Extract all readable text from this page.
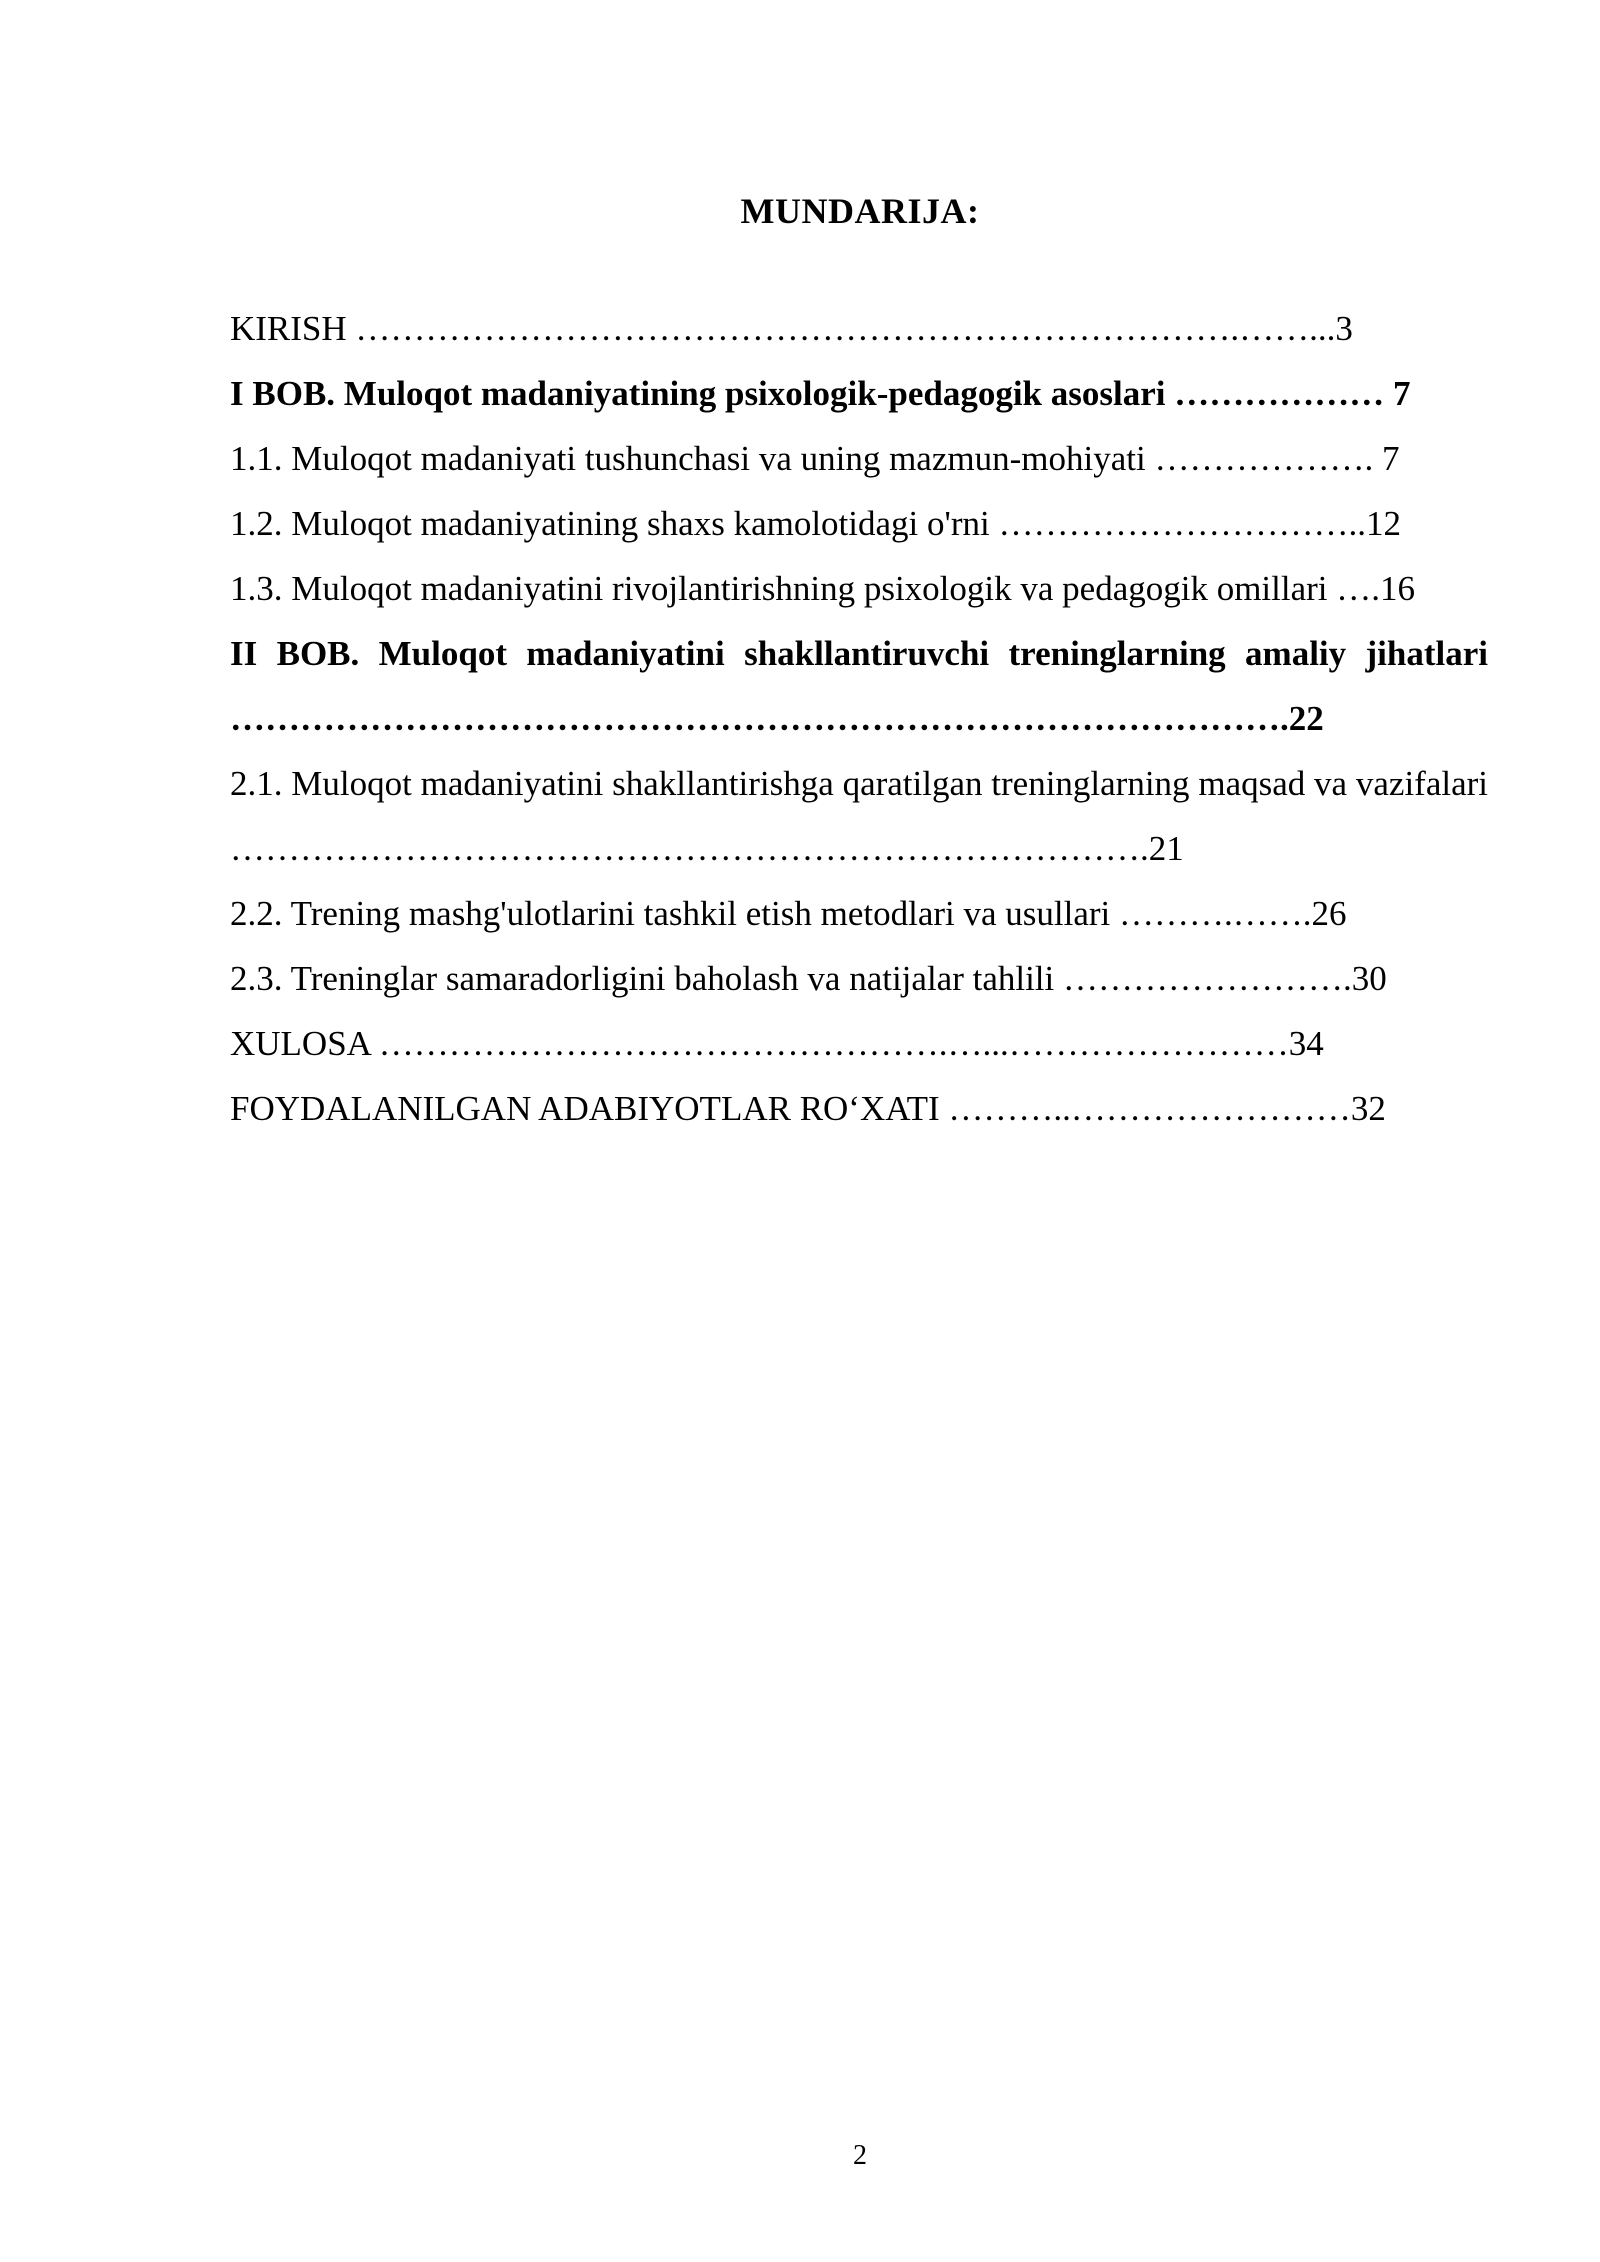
MUNDARIJA:
KIRISH ………………………………………………………………….……...3
I BOB. Muloqot madaniyatining psixologik-pedagogik asoslari ……………… 7
1.1. Muloqot madaniyati tushunchasi va uning mazmun-mohiyati ………………. 7
1.2. Muloqot madaniyatining shaxs kamolotidagi o'rni …………………………..12
1.3. Muloqot madaniyatini rivojlantirishning psixologik va pedagogik omillari ….16
II BOB. Muloqot madaniyatini shakllantiruvchi treninglarning amaliy jihatlari ……………………………………………………………………………….22
2.1. Muloqot madaniyatini shakllantirishga qaratilgan treninglarning maqsad va vazifalari …………………………………………………………………….21
2.2. Trening mashg'ulotlarini tashkil etish metodlari va usullari ……….…….26
2.3. Treninglar samaradorligini baholash va natijalar tahlili …………………….30
XULOSA ………………………………………….…...……………………34
FOYDALANILGAN ADABIYOTLAR RO‘XATI ………..……………………32
2
